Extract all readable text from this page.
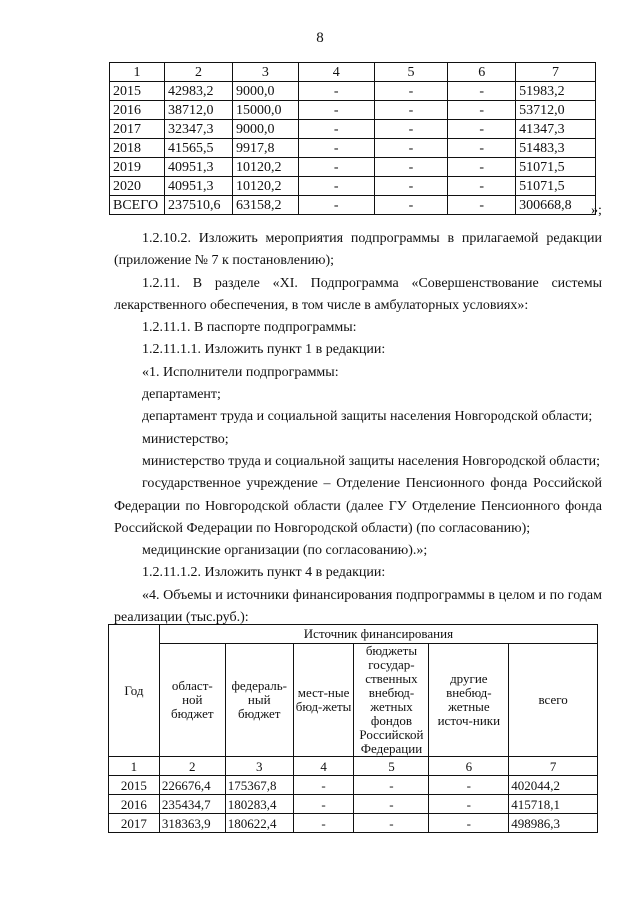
8
1	2	3	4	5	6	7
2015	42983,2	9000,0	-	-	-	51983,2
2016	38712,0	15000,0	-	-	-	53712,0
2017	32347,3	9000,0	-	-	-	41347,3
2018	41565,5	9917,8	-	-	-	51483,3
2019	40951,3	10120,2	-	-	-	51071,5
2020	40951,3	10120,2	-	-	-	51071,5
ВСЕГО	237510,6	63158,2	-	-	-	300668,8 »;

1.2.10.2. Изложить мероприятия подпрограммы в прилагаемой редакции (приложение № 7 к постановлению);

1.2.11. В разделе «XI. Подпрограмма «Совершенствование системы лекарственного обеспечения, в том числе в амбулаторных условиях»:

1.2.11.1. В паспорте подпрограммы:

1.2.11.1.1. Изложить пункт 1 в редакции:

«1. Исполнители подпрограммы:

департамент;

департамент труда и социальной защиты населения Новгородской области;

министерство;

министерство труда и социальной защиты населения Новгородской области;

государственное учреждение – Отделение Пенсионного фонда Российской Федерации по Новгородской области (далее ГУ Отделение Пенсионного фонда Российской Федерации по Новгородской области) (по согласованию);

медицинские организации (по согласованию).»;

1.2.11.1.2. Изложить пункт 4 в редакции:

«4. Объемы и источники финансирования подпрограммы в целом и по годам реализации (тыс.руб.):

Год	Источник финансирования					
	област-ной бюджет	федераль-ный бюджет	мест-ные бюд-жеты	бюджеты государ-ственных внебюд-жетных фондов Российской Федерации	другие внебюд-жетные источ-ники	всего
1	2	3	4	5	6	7
2015	226676,4	175367,8	-	-	-	402044,2
2016	235434,7	180283,4	-	-	-	415718,1
2017	318363,9	180622,4	-	-	-	498986,3
